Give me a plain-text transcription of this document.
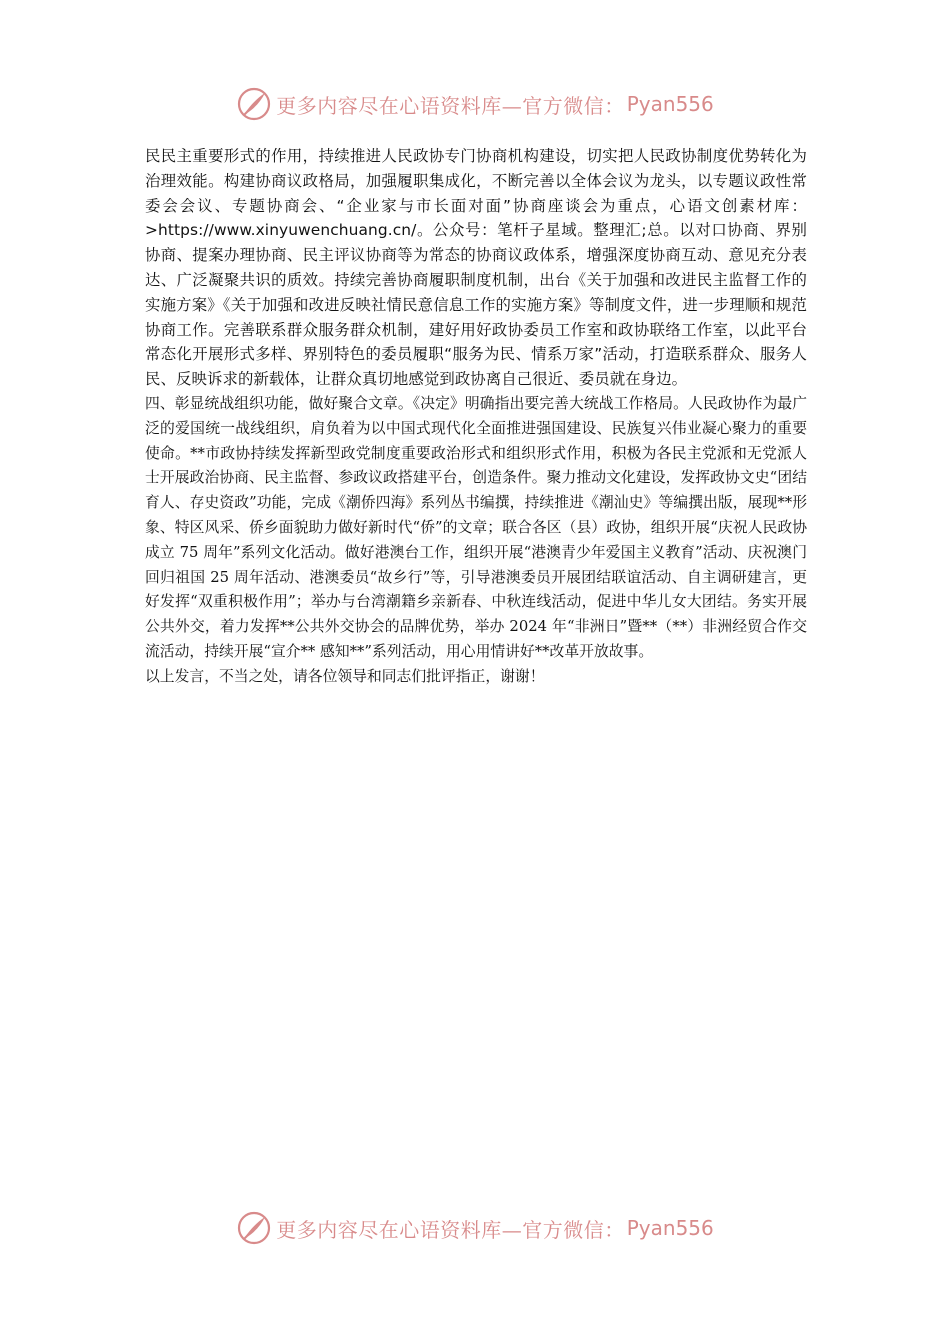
更多内容尽在心语资料库—官方微信： Pyan556

民民主重要形式的作用，持续推进人民政协专门协商机构建设，切实把人民政协制度优势转化为治理效能。构建协商议政格局，加强履职集成化，不断完善以全体会议为龙头，以专题议政性常委会会议、专题协商会、“企业家与市长面对面”协商座谈会为重点，心语文创素材库：>https://www.xinyuwenchuang.cn/。公众号：笔杆子星域。整理汇;总。以对口协商、界别协商、提案办理协商、民主评议协商等为常态的协商议政体系，增强深度协商互动、意见充分表达、广泛凝聚共识的质效。持续完善协商履职制度机制，出台《关于加强和改进民主监督工作的实施方案》《关于加强和改进反映社情民意信息工作的实施方案》等制度文件，进一步理顺和规范协商工作。完善联系群众服务群众机制，建好用好政协委员工作室和政协联络工作室，以此平台常态化开展形式多样、界别特色的委员履职“服务为民、情系万家”活动，打造联系群众、服务人民、反映诉求的新载体，让群众真切地感觉到政协离自己很近、委员就在身边。

四、彰显统战组织功能，做好聚合文章。《决定》明确指出要完善大统战工作格局。人民政协作为最广泛的爱国统一战线组织，肩负着为以中国式现代化全面推进强国建设、民族复兴伟业凝心聚力的重要使命。**市政协持续发挥新型政党制度重要政治形式和组织形式作用，积极为各民主党派和无党派人士开展政治协商、民主监督、参政议政搭建平台，创造条件。聚力推动文化建设，发挥政协文史“团结育人、存史资政”功能，完成《潮侨四海》系列丛书编撰，持续推进《潮汕史》等编撰出版，展现**形象、特区风采、侨乡面貌助力做好新时代“侨”的文章；联合各区（县）政协，组织开展“庆祝人民政协成立 75 周年”系列文化活动。做好港澳台工作，组织开展“港澳青少年爱国主义教育”活动、庆祝澳门回归祖国 25 周年活动、港澳委员“故乡行”等，引导港澳委员开展团结联谊活动、自主调研建言，更好发挥“双重积极作用”；举办与台湾潮籍乡亲新春、中秋连线活动，促进中华儿女大团结。务实开展公共外交，着力发挥**公共外交协会的品牌优势，举办 2024 年“非洲日”暨**（**）非洲经贸合作交流活动，持续开展“宣介** 感知**”系列活动，用心用情讲好**改革开放故事。

以上发言，不当之处，请各位领导和同志们批评指正，谢谢！

更多内容尽在心语资料库—官方微信： Pyan556
